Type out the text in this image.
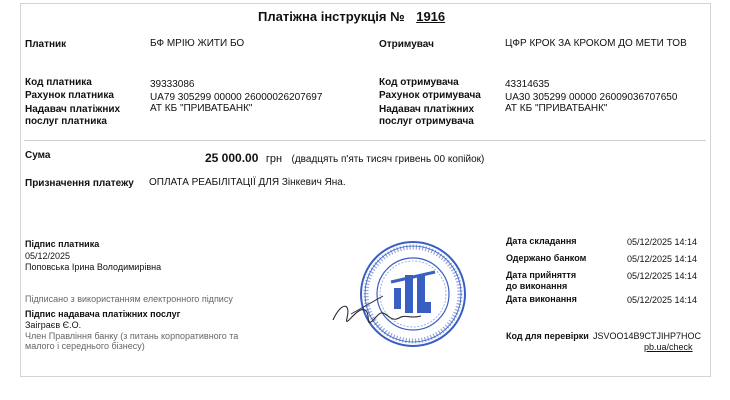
Платіжна інструкція № 1916
Платник	БФ МРІЮ ЖИТИ БО	Отримувач	ЦФР КРОК ЗА КРОКОМ ДО МЕТИ ТОВ
Код платника	39333086
Рахунок платника	UA79 305299 00000 26000026207697
Надавач платіжних
послуг платника
АТ КБ "ПРИВАТБАНК"
Код отримувача	43314635
Рахунок отримувача UA30 305299 00000 26009036707650
Надавач платіжних
послуг отримувача
АТ КБ "ПРИВАТБАНК"
Сума	25 000.00 грн (двадцять п'ять тисяч гривень 00 копійок)
Призначення платежу ОПЛАТА РЕАБІЛІТАЦІЇ ДЛЯ Зінкевич Яна.
Підпис платника
05/12/2025
Поповська Ірина Володимирівна
Підписано з використанням електронного підпису
Підпис надавача платіжних послуг
Заіграєв Є.О.
Член Правління банку (з питань корпоративного та
малого і середнього бізнесу)
Дата складання	05/12/2025 14:14
Одержано банком	05/12/2025 14:14
Дата прийняття
до виконання
05/12/2025 14:14
Дата виконання	05/12/2025 14:14
Код для перевірки JSVOO14B9CTJIHP7HOC
pb.ua/check
